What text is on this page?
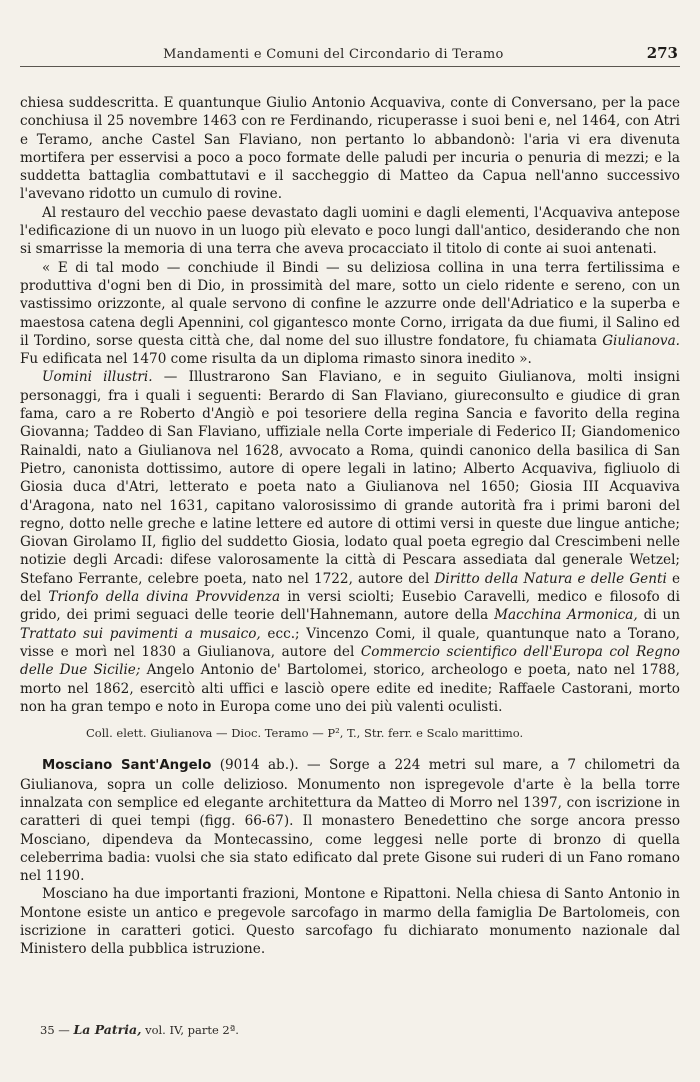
Mandamenti e Comuni del Circondario di Teramo	273

chiesa suddescritta. E quantunque Giulio Antonio Acquaviva, conte di Conversano, per la pace conchiusa il 25 novembre 1463 con re Ferdinando, ricuperasse i suoi beni e, nel 1464, con Atri e Teramo, anche Castel San Flaviano, non pertanto lo abbandonò: l'aria vi era divenuta mortifera per esservisi a poco a poco formate delle paludi per incuria o penuria di mezzi; e la suddetta battaglia combattutavi e il saccheggio di Matteo da Capua nell'anno successivo l'avevano ridotto un cumulo di rovine.

Al restauro del vecchio paese devastato dagli uomini e dagli elementi, l'Acquaviva antepose l'edificazione di un nuovo in un luogo più elevato e poco lungi dall'antico, desiderando che non si smarrisse la memoria di una terra che aveva procacciato il titolo di conte ai suoi antenati.

« E di tal modo — conchiude il Bindi — su deliziosa collina in una terra fertilissima e produttiva d'ogni ben di Dio, in prossimità del mare, sotto un cielo ridente e sereno, con un vastissimo orizzonte, al quale servono di confine le azzurre onde dell'Adriatico e la superba e maestosa catena degli Apennini, col gigantesco monte Corno, irrigata da due fiumi, il Salino ed il Tordino, sorse questa città che, dal nome del suo illustre fondatore, fu chiamata Giulianova. Fu edificata nel 1470 come risulta da un diploma rimasto sinora inedito ».

Uomini illustri. — Illustrarono San Flaviano, e in seguito Giulianova, molti insigni personaggi, fra i quali i seguenti: Berardo di San Flaviano, giureconsulto e giudice di gran fama, caro a re Roberto d'Angiò e poi tesoriere della regina Sancia e favorito della regina Giovanna; Taddeo di San Flaviano, uffiziale nella Corte imperiale di Federico II; Giandomenico Rainaldi, nato a Giulianova nel 1628, avvocato a Roma, quindi canonico della basilica di San Pietro, canonista dottissimo, autore di opere legali in latino; Alberto Acquaviva, figliuolo di Giosia duca d'Atri, letterato e poeta nato a Giulianova nel 1650; Giosia III Acquaviva d'Aragona, nato nel 1631, capitano valorosissimo di grande autorità fra i primi baroni del regno, dotto nelle greche e latine lettere ed autore di ottimi versi in queste due lingue antiche; Giovan Girolamo II, figlio del suddetto Giosia, lodato qual poeta egregio dal Crescimbeni nelle notizie degli Arcadi: difese valorosamente la città di Pescara assediata dal generale Wetzel; Stefano Ferrante, celebre poeta, nato nel 1722, autore del Diritto della Natura e delle Genti e del Trionfo della divina Provvidenza in versi sciolti; Eusebio Caravelli, medico e filosofo di grido, dei primi seguaci delle teorie dell'Hahnemann, autore della Macchina Armonica, di un Trattato sui pavimenti a musaico, ecc.; Vincenzo Comi, il quale, quantunque nato a Torano, visse e morì nel 1830 a Giulianova, autore del Commercio scientifico dell'Europa col Regno delle Due Sicilie; Angelo Antonio de' Bartolomei, storico, archeologo e poeta, nato nel 1788, morto nel 1862, esercitò alti uffici e lasciò opere edite ed inedite; Raffaele Castorani, morto non ha gran tempo e noto in Europa come uno dei più valenti oculisti.

Coll. elett. Giulianova — Dioc. Teramo — P², T., Str. ferr. e Scalo marittimo.

Mosciano Sant'Angelo (9014 ab.). — Sorge a 224 metri sul mare, a 7 chilometri da Giulianova, sopra un colle delizioso. Monumento non ispregevole d'arte è la bella torre innalzata con semplice ed elegante architettura da Matteo di Morro nel 1397, con iscrizione in caratteri di quei tempi (figg. 66-67). Il monastero Benedettino che sorge ancora presso Mosciano, dipendeva da Montecassino, come leggesi nelle porte di bronzo di quella celeberrima badia: vuolsi che sia stato edificato dal prete Gisone sui ruderi di un Fano romano nel 1190.

Mosciano ha due importanti frazioni, Montone e Ripattoni. Nella chiesa di Santo Antonio in Montone esiste un antico e pregevole sarcofago in marmo della famiglia De Bartolomeis, con iscrizione in caratteri gotici. Questo sarcofago fu dichiarato monumento nazionale dal Ministero della pubblica istruzione.

35 — La Patria, vol. IV, parte 2ª.
